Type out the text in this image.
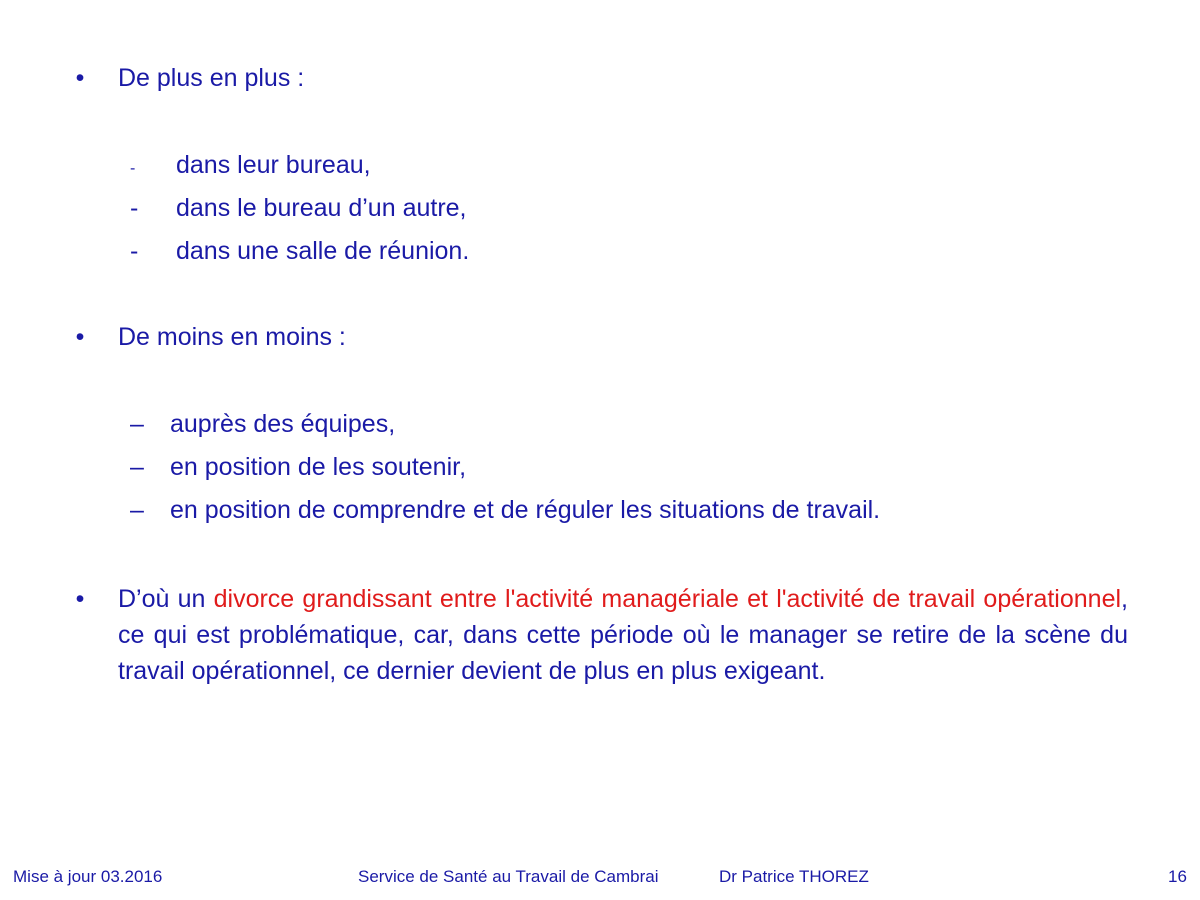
• De plus en plus :
- dans leur bureau,
- dans le bureau d’un autre,
- dans une salle de réunion.
• De moins en moins :
– auprès des équipes,
– en position de les soutenir,
– en position de comprendre et de réguler les situations de travail.
• D’où un divorce grandissant entre l'activité managériale et l'activité de travail opérationnel, ce qui est problématique, car, dans cette période où le manager se retire de la scène du travail opérationnel, ce dernier devient de plus en plus exigeant.
Mise à jour 03.2016	Service de Santé au Travail de Cambrai	Dr Patrice THOREZ	16
